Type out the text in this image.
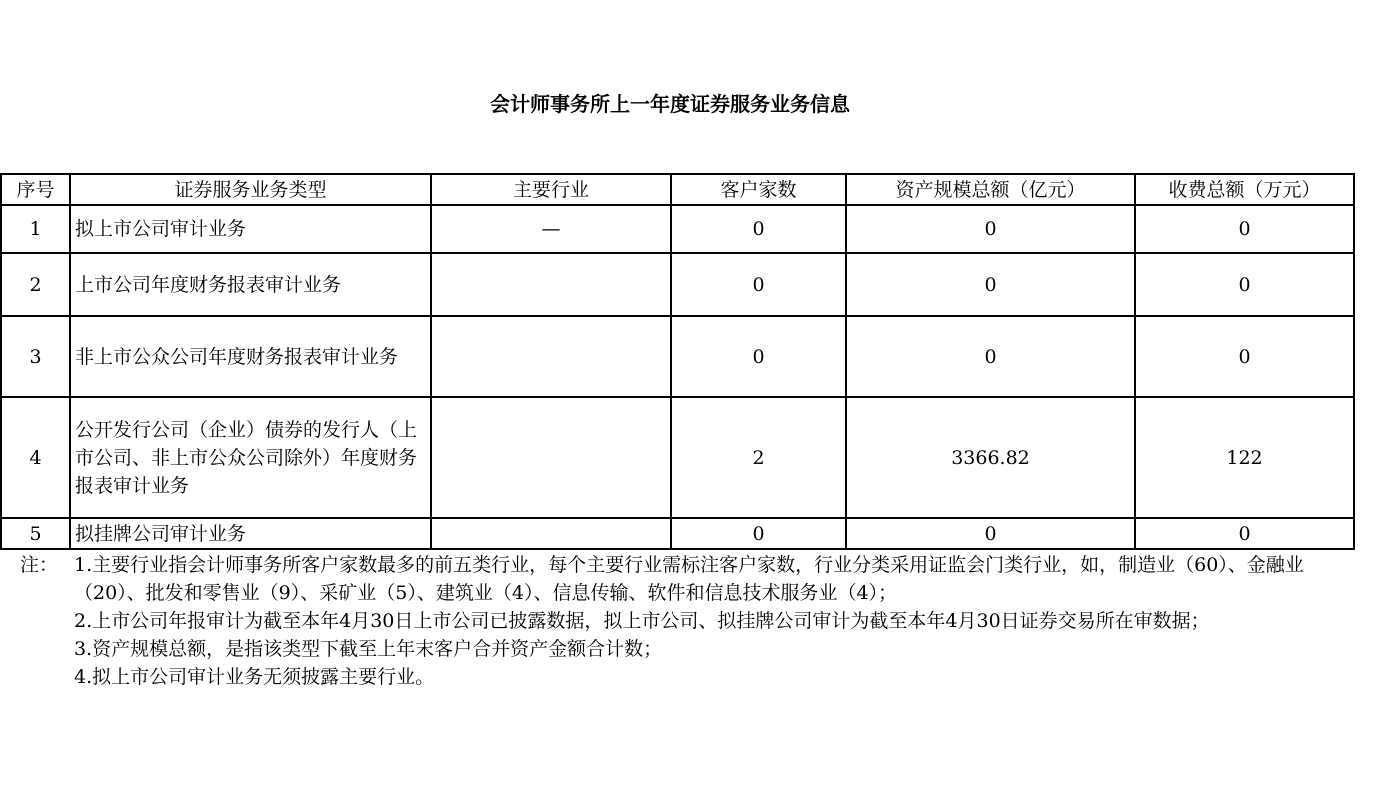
会计师事务所上一年度证券服务业务信息
序号	证券服务业务类型	主要行业	客户家数	资产规模总额（亿元）	收费总额（万元）
1	拟上市公司审计业务	—	0	0	0
2	上市公司年度财务报表审计业务		0	0	0
3	非上市公众公司年度财务报表审计业务		0	0	0
4	公开发行公司（企业）债券的发行人（上市公司、非上市公众公司除外）年度财务报表审计业务		2	3366.82	122
5	拟挂牌公司审计业务		0	0	0
注： 1.主要行业指会计师事务所客户家数最多的前五类行业，每个主要行业需标注客户家数，行业分类采用证监会门类行业，如，制造业（60）、金融业（20）、批发和零售业（9）、采矿业（5）、建筑业（4）、信息传输、软件和信息技术服务业（4）；
2.上市公司年报审计为截至本年4月30日上市公司已披露数据，拟上市公司、拟挂牌公司审计为截至本年4月30日证券交易所在审数据；
3.资产规模总额，是指该类型下截至上年末客户合并资产金额合计数；
4.拟上市公司审计业务无须披露主要行业。
